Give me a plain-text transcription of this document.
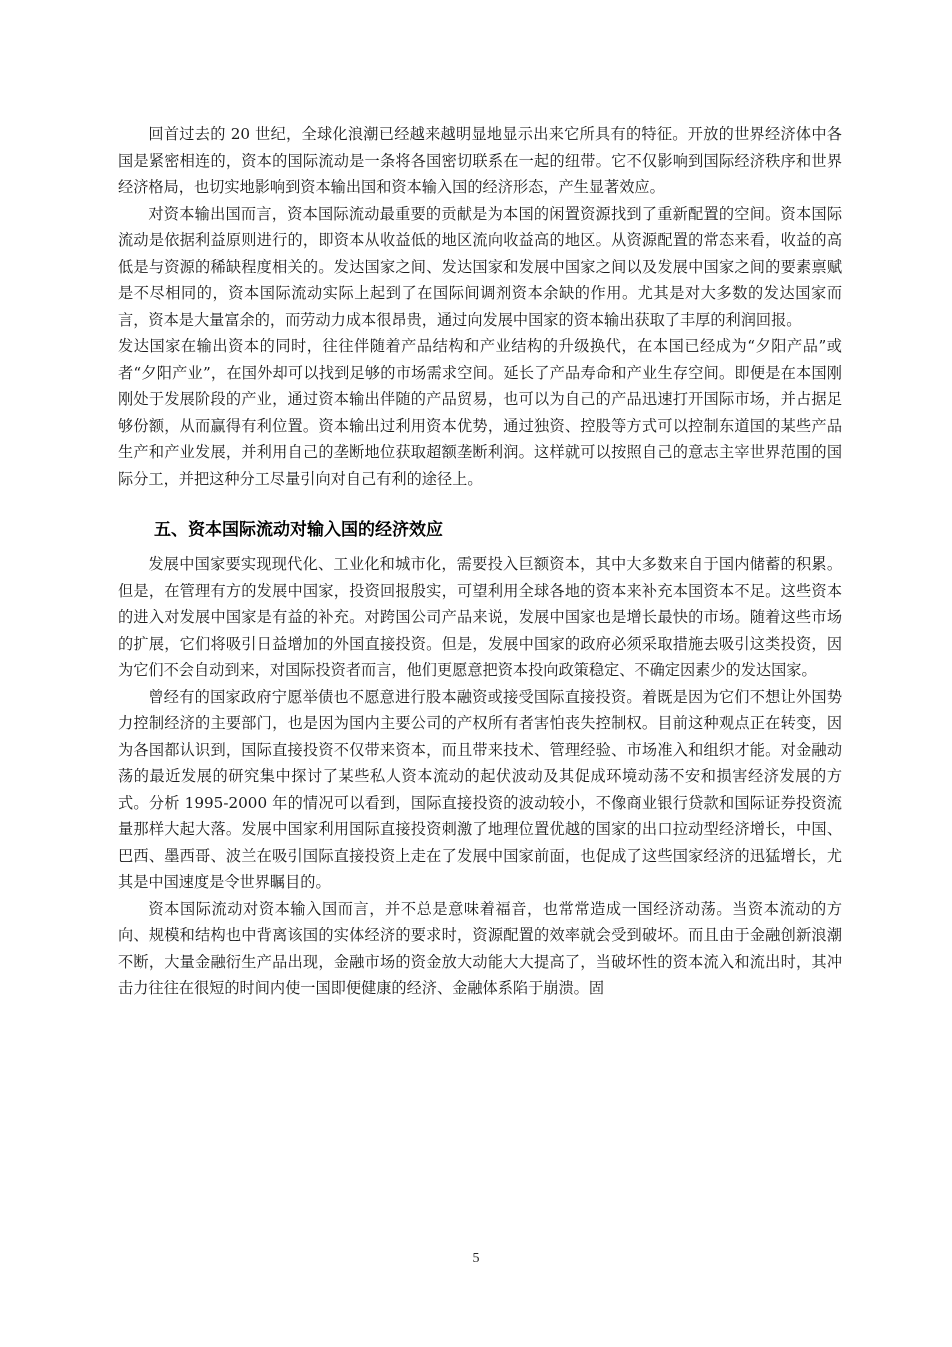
回首过去的 20 世纪，全球化浪潮已经越来越明显地显示出来它所具有的特征。开放的世界经济体中各国是紧密相连的，资本的国际流动是一条将各国密切联系在一起的纽带。它不仅影响到国际经济秩序和世界经济格局，也切实地影响到资本输出国和资本输入国的经济形态，产生显著效应。

对资本输出国而言，资本国际流动最重要的贡献是为本国的闲置资源找到了重新配置的空间。资本国际流动是依据利益原则进行的，即资本从收益低的地区流向收益高的地区。从资源配置的常态来看，收益的高低是与资源的稀缺程度相关的。发达国家之间、发达国家和发展中国家之间以及发展中国家之间的要素禀赋是不尽相同的，资本国际流动实际上起到了在国际间调剂资本余缺的作用。尤其是对大多数的发达国家而言，资本是大量富余的，而劳动力成本很昂贵，通过向发展中国家的资本输出获取了丰厚的利润回报。

发达国家在输出资本的同时，往往伴随着产品结构和产业结构的升级换代，在本国已经成为“夕阳产品”或者“夕阳产业”，在国外却可以找到足够的市场需求空间。延长了产品寿命和产业生存空间。即便是在本国刚刚处于发展阶段的产业，通过资本输出伴随的产品贸易，也可以为自己的产品迅速打开国际市场，并占据足够份额，从而赢得有利位置。资本输出过利用资本优势，通过独资、控股等方式可以控制东道国的某些产品生产和产业发展，并利用自己的垄断地位获取超额垄断利润。这样就可以按照自己的意志主宰世界范围的国际分工，并把这种分工尽量引向对自己有利的途径上。

五、资本国际流动对输入国的经济效应

发展中国家要实现现代化、工业化和城市化，需要投入巨额资本，其中大多数来自于国内储蓄的积累。但是，在管理有方的发展中国家，投资回报殷实，可望利用全球各地的资本来补充本国资本不足。这些资本的进入对发展中国家是有益的补充。对跨国公司产品来说，发展中国家也是增长最快的市场。随着这些市场的扩展，它们将吸引日益增加的外国直接投资。但是，发展中国家的政府必须采取措施去吸引这类投资，因为它们不会自动到来，对国际投资者而言，他们更愿意把资本投向政策稳定、不确定因素少的发达国家。

曾经有的国家政府宁愿举债也不愿意进行股本融资或接受国际直接投资。着既是因为它们不想让外国势力控制经济的主要部门，也是因为国内主要公司的产权所有者害怕丧失控制权。目前这种观点正在转变，因为各国都认识到，国际直接投资不仅带来资本，而且带来技术、管理经验、市场准入和组织才能。对金融动荡的最近发展的研究集中探讨了某些私人资本流动的起伏波动及其促成环境动荡不安和损害经济发展的方式。分析 1995-2000 年的情况可以看到，国际直接投资的波动较小，不像商业银行贷款和国际证券投资流量那样大起大落。发展中国家利用国际直接投资刺激了地理位置优越的国家的出口拉动型经济增长，中国、巴西、墨西哥、波兰在吸引国际直接投资上走在了发展中国家前面，也促成了这些国家经济的迅猛增长，尤其是中国速度是令世界瞩目的。

资本国际流动对资本输入国而言，并不总是意味着福音，也常常造成一国经济动荡。当资本流动的方向、规模和结构也中背离该国的实体经济的要求时，资源配置的效率就会受到破坏。而且由于金融创新浪潮不断，大量金融衍生产品出现，金融市场的资金放大动能大大提高了，当破坏性的资本流入和流出时，其冲击力往往在很短的时间内使一国即便健康的经济、金融体系陷于崩溃。固

5
